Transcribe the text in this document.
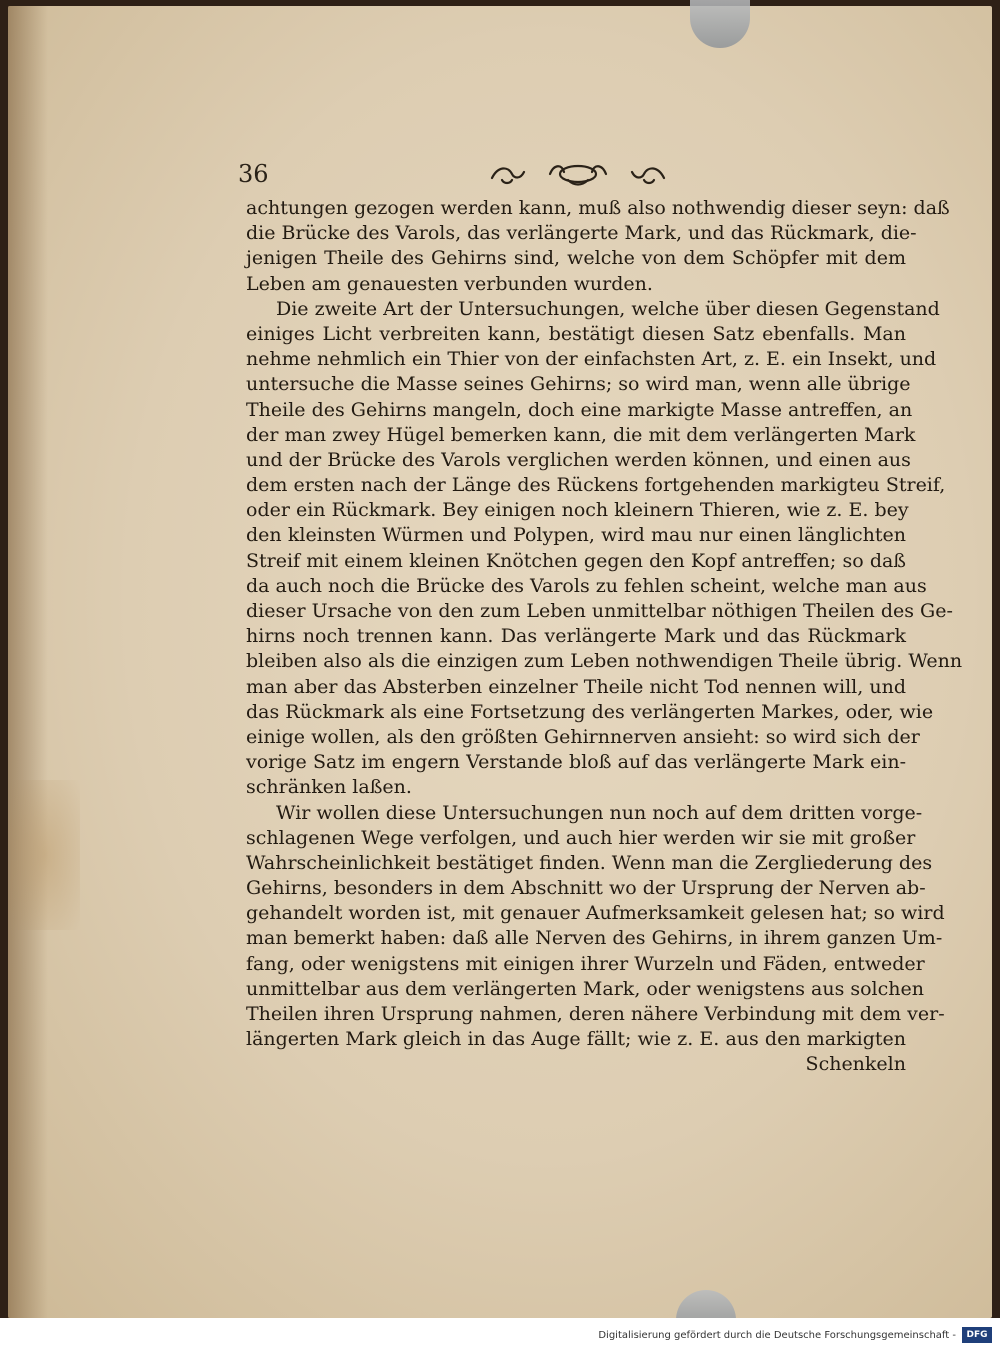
36
achtungen gezogen werden kann, muß also nothwendig dieser seyn: daß
die Brücke des Varols, das verlängerte Mark, und das Rückmark, die-
jenigen Theile des Gehirns sind, welche von dem Schöpfer mit dem
Leben am genauesten verbunden wurden.
Die zweite Art der Untersuchungen, welche über diesen Gegenstand
einiges Licht verbreiten kann, bestätigt diesen Satz ebenfalls. Man
nehme nehmlich ein Thier von der einfachsten Art, z. E. ein Insekt, und
untersuche die Masse seines Gehirns; so wird man, wenn alle übrige
Theile des Gehirns mangeln, doch eine markigte Masse antreffen, an
der man zwey Hügel bemerken kann, die mit dem verlängerten Mark
und der Brücke des Varols verglichen werden können, und einen aus
dem ersten nach der Länge des Rückens fortgehenden markigteu Streif,
oder ein Rückmark. Bey einigen noch kleinern Thieren, wie z. E. bey
den kleinsten Würmen und Polypen, wird mau nur einen länglichten
Streif mit einem kleinen Knötchen gegen den Kopf antreffen; so daß
da auch noch die Brücke des Varols zu fehlen scheint, welche man aus
dieser Ursache von den zum Leben unmittelbar nöthigen Theilen des Ge-
hirns noch trennen kann. Das verlängerte Mark und das Rückmark
bleiben also als die einzigen zum Leben nothwendigen Theile übrig. Wenn
man aber das Absterben einzelner Theile nicht Tod nennen will, und
das Rückmark als eine Fortsetzung des verlängerten Markes, oder, wie
einige wollen, als den größten Gehirnnerven ansieht: so wird sich der
vorige Satz im engern Verstande bloß auf das verlängerte Mark ein-
schränken laßen.
Wir wollen diese Untersuchungen nun noch auf dem dritten vorge-
schlagenen Wege verfolgen, und auch hier werden wir sie mit großer
Wahrscheinlichkeit bestätiget finden. Wenn man die Zergliederung des
Gehirns, besonders in dem Abschnitt wo der Ursprung der Nerven ab-
gehandelt worden ist, mit genauer Aufmerksamkeit gelesen hat; so wird
man bemerkt haben: daß alle Nerven des Gehirns, in ihrem ganzen Um-
fang, oder wenigstens mit einigen ihrer Wurzeln und Fäden, entweder
unmittelbar aus dem verlängerten Mark, oder wenigstens aus solchen
Theilen ihren Ursprung nahmen, deren nähere Verbindung mit dem ver-
längerten Mark gleich in das Auge fällt; wie z. E. aus den markigten
Schenkeln
Digitalisierung gefördert durch die Deutsche Forschungsgemeinschaft -	DFG
